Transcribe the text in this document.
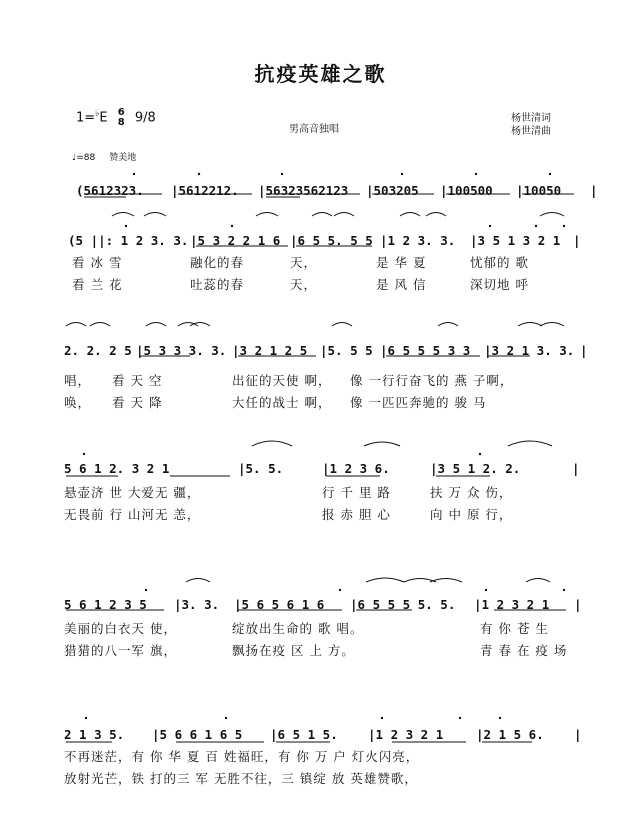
抗疫英雄之歌
1=♭E 6
8 9/8
男高音独唱
杨世清词
杨世清曲
♩=88 赞美地
(5612323. |5612212. |56323562123 |503205 |100500 |10050 |
(5 ||: 1 2 3. 3. |5 3 2 2 1 6 |6 5 5. 5 5 |1 2 3. 3. |3 5 1 3 2 1 |
看 冰 雪	融化的春	天，	是 华 夏	忧郁的 歌
看 兰 花	吐蕊的春	天，	是 风 信	深切地 呼
2. 2. 2 5 |5 3 3 3. 3. |3 2 1 2 5 |5. 5 5 |6 5 5 5 3 3 |3 2 1 3. 3. |
唱， 看 天 空	出征的天使 啊， 像 一行行奋飞的 燕 子啊，
唤， 看 天 降	大任的战士 啊， 像 一匹匹奔驰的 骏 马
5 6 1 2. 3 2 1	|5. 5.	|1 2 3 6.	|3 5 1 2. 2.	|
悬壶济 世 大爱无 疆，	行 千 里 路	扶 万 众 伤，
无畏前 行 山河无 恙，	报 赤 胆 心	向 中 原 行，
5 6 1 2 3 5 |3. 3. |5 6 5 6 1 6 |6 5 5 5 5. 5. |1 2 3 2 1 |
美丽的白衣天 使，	绽放出生命的 歌 唱。	有 你 苍 生
猎猎的八一军 旗，	飘扬在疫 区 上 方。	青 春 在 疫 场
2 1 3 5. |5 6 6 1 6 5 |6 5 1 5. |1 2 3 2 1	|2 1 5 6. |
不再迷茫，有 你 华 夏 百 姓福旺，有 你 万 户 灯火闪亮，
放射光芒，铁 打的三 军 无胜不往，三 镇绽 放 英雄赞歌，
